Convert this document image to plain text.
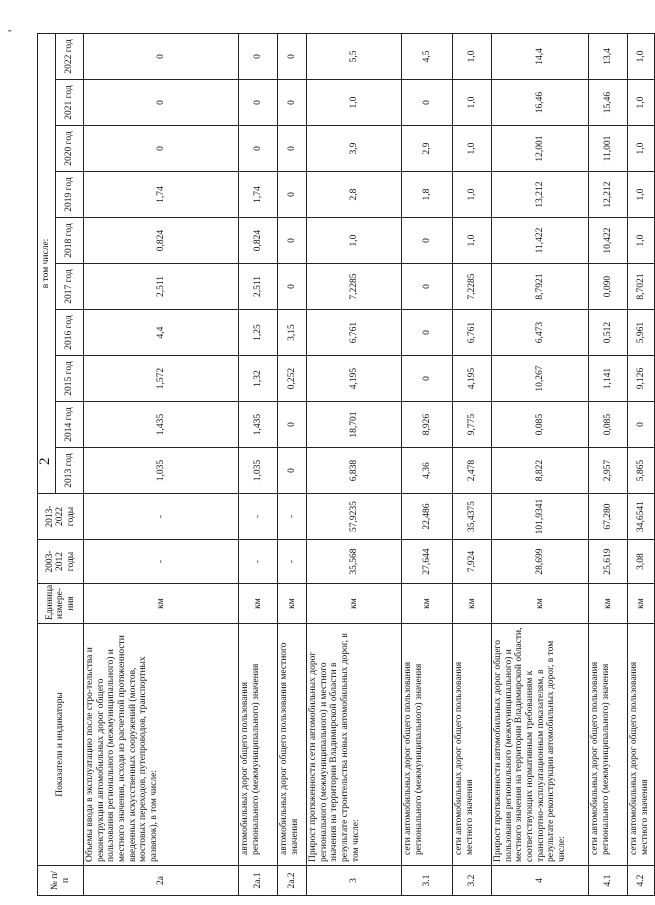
2
'
№ п/п	Показатели и индикаторы	Единица измере-ния	2003-2012 годы	2013-2022 годы	в том числе:									
					2013 год	2014 год	2015 год	2016 год	2017 год	2018 год	2019 год	2020 год	2021 год	2022 год
2а	Объемы ввода в эксплуатацию после стро-тельства и реконструкции автомобильных дорог общего пользования регионального (межмуниципального) и местного значения, исходя из расчетной протяженности введенных искусственных сооружений (мостов, мостовых переходов, путепроводов, транспортных развязок), в том числе:	км	-	-	1,035	1,435	1,572	4,4	2,511	0,824	1,74	0	0	0
2а.1	автомобильных дорог общего пользования регионального (межмуниципального) значения	км	-	-	1,035	1,435	1,32	1,25	2,511	0,824	1,74	0	0	0
2а.2	автомобильных дорог общего пользования местного значения	км	-	-	0	0	0,252	3,15	0	0	0	0	0	0
3	Прирост протяженности сети автомобильных дорог регионального (межмуниципального) и местного значения на территории Владимирской области в результате строительства новых автомобильных дорог, в том числе:	км	35,568	57,9235	6,838	18,701	4,195	6,761	7,2285	1,0	2,8	3,9	1,0	5,5
3.1	сети автомобильных дорог общего пользования регионального (межмуниципального) значения	км	27,644	22,486	4,36	8,926	0	0	0	0	1,8	2,9	0	4,5
3.2	сети автомобильных дорог общего пользования местного значения	км	7,924	35,4375	2,478	9,775	4,195	6,761	7,2285	1,0	1,0	1,0	1,0	1,0
4	Прирост протяженности автомобильных дорог общего пользования регионального (межмуниципального) и местного значения на территории Владимирской области, соответствующих нормативным требованиям к транспортно-эксплуатационным показателям, в результате реконструкции автомобильных дорог, в том числе:	км	28,699	101,9341	8,822	0,085	10,267	6,473	8,7921	11,422	13,212	12,001	16,46	14,4
4.1	сети автомобильных дорог общего пользования регионального (межмуниципального) значения	км	25,619	67,280	2,957	0,085	1,141	0,512	0,090	10,422	12,212	11,001	15,46	13,4
4.2	сети автомобильных дорог общего пользования местного значения	км	3,08	34,6541	5,865	0	9,126	5,961	8,7021	1,0	1,0	1,0	1,0	1,0
